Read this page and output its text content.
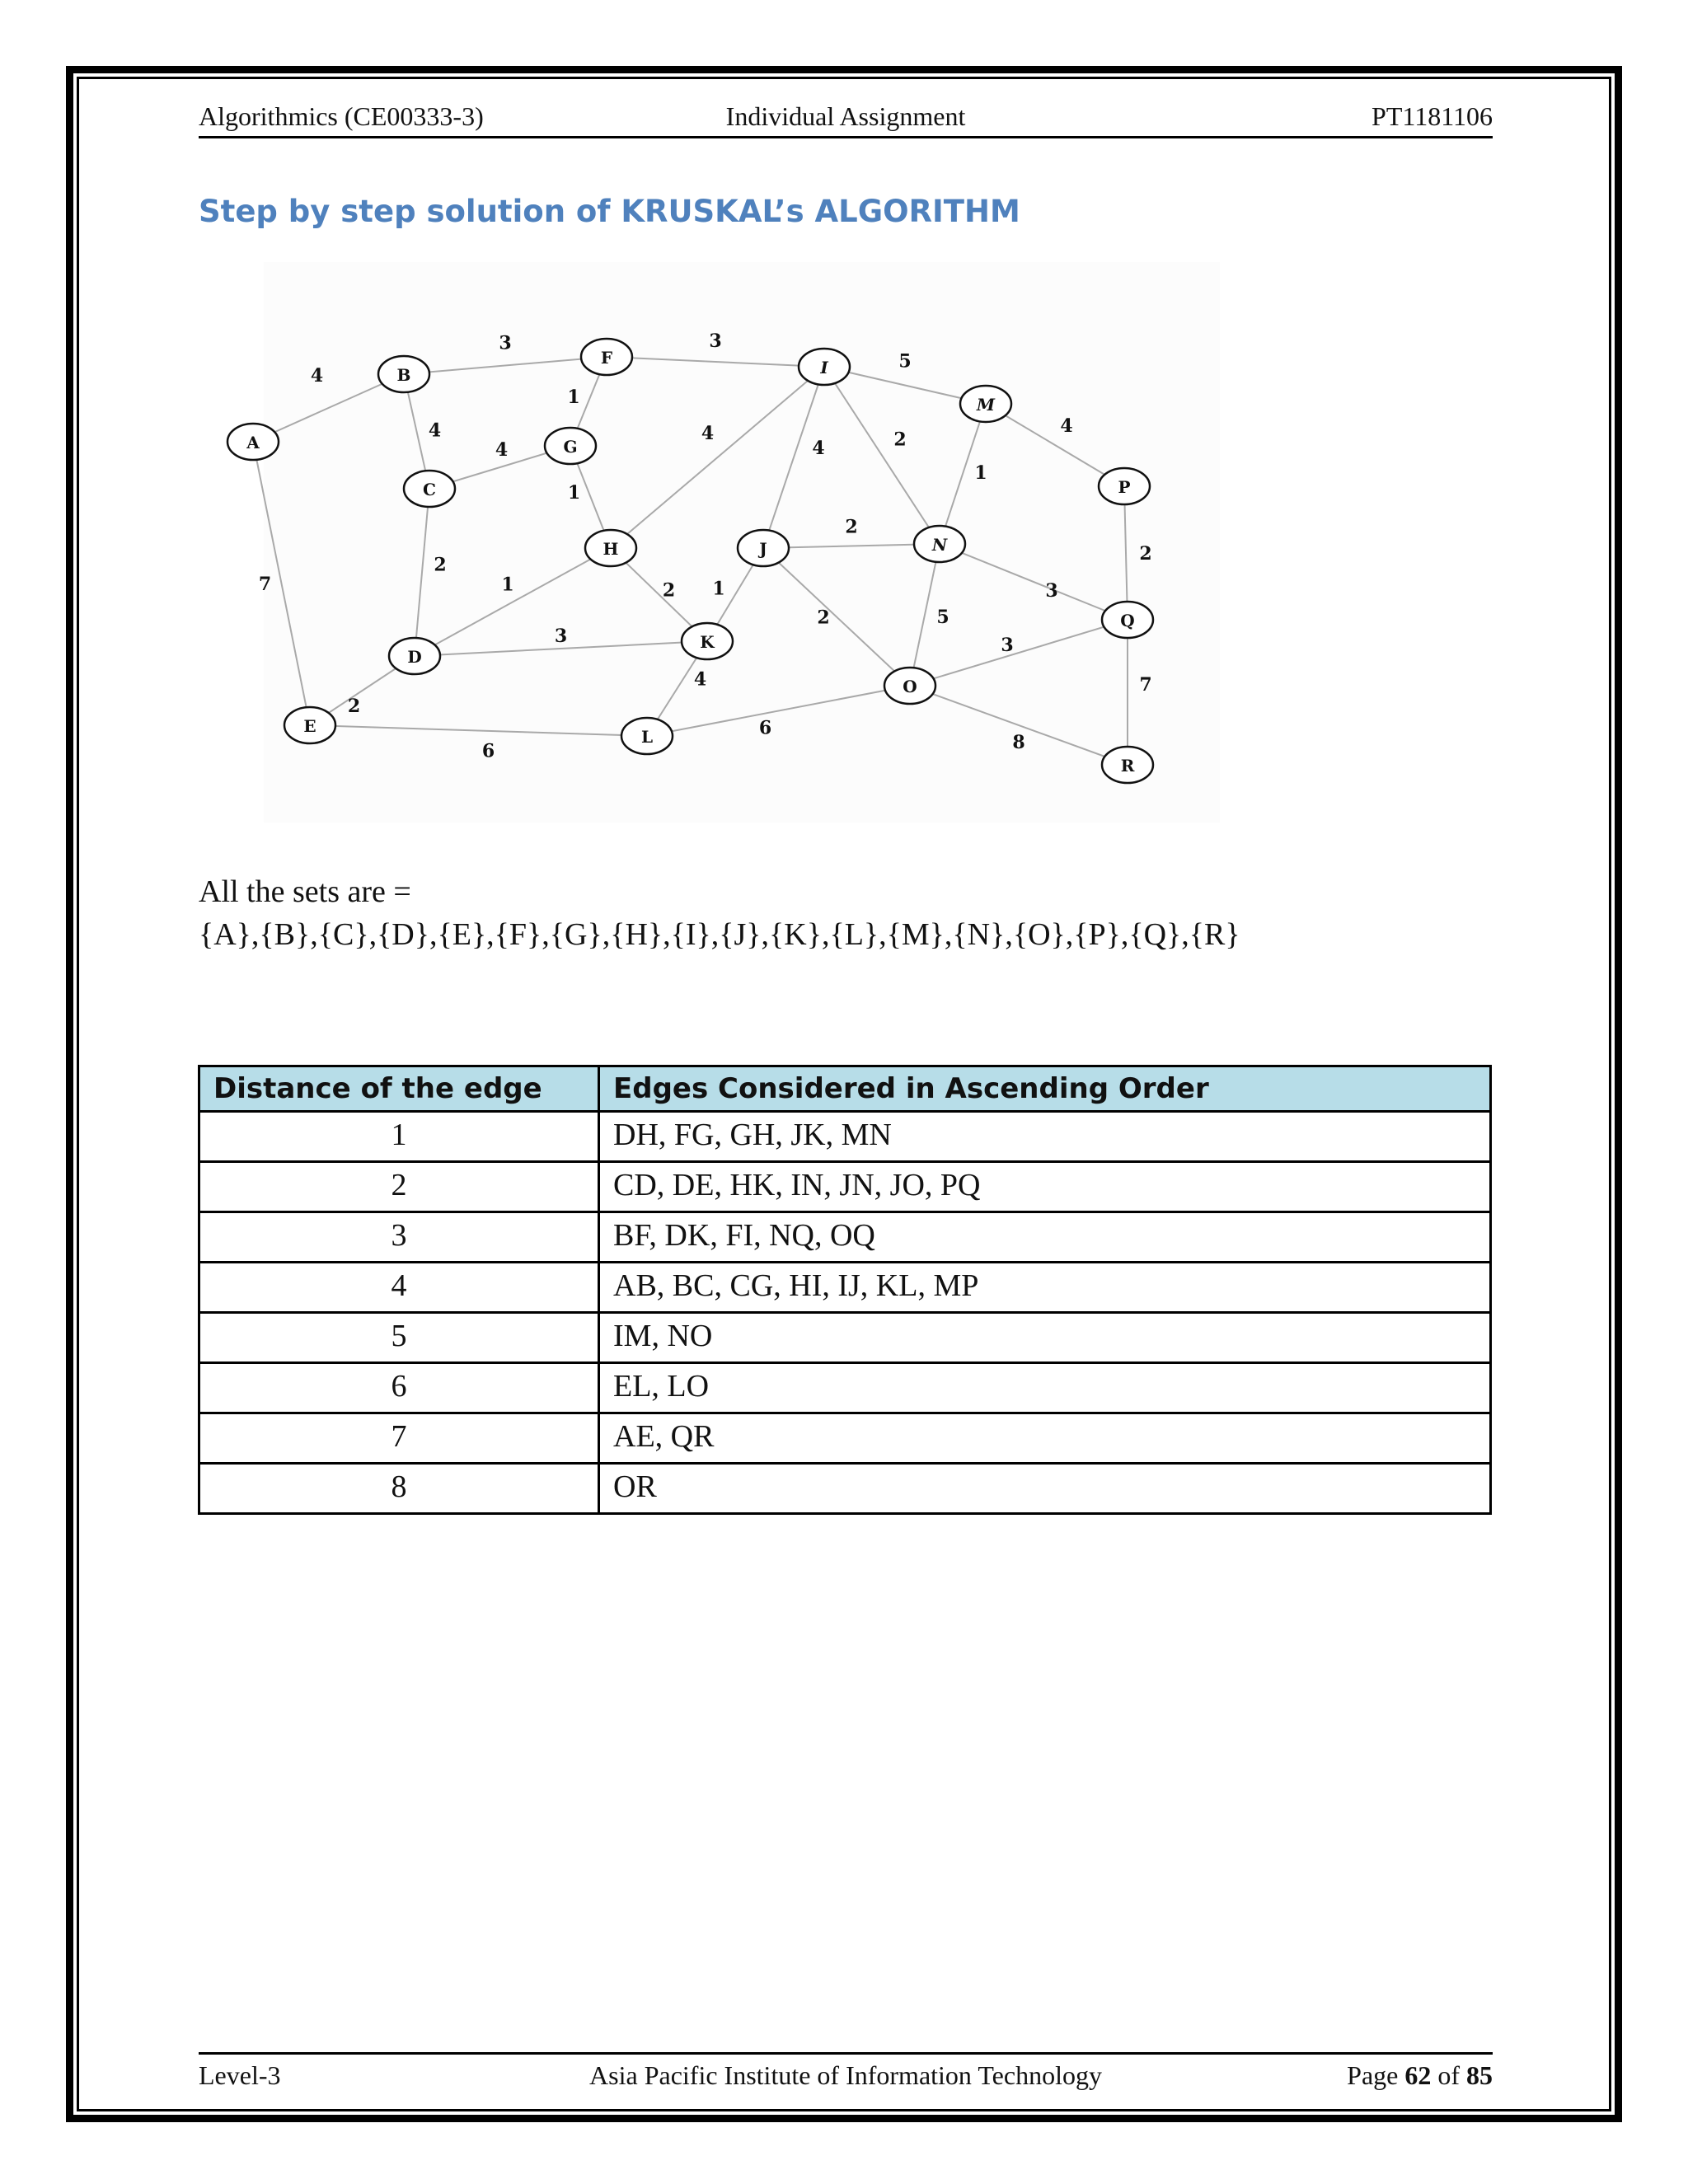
Algorithmics (CE00333-3)	Individual Assignment	PT1181106
Step by step solution of KRUSKAL’s ALGORITHM
4
7
3
4
3
1
4
2
1
5
4
4	2
4
1
2
2
3
5
1	2 1
2
3
2
4
3
7
6
6
8
A
B
C
D
E
F
G
H
I
J
K
L
M
N
O
P
Q
R
All the sets are =
{A},{B},{C},{D},{E},{F},{G},{H},{I},{J},{K},{L},{M},{N},{O},{P},{Q},{R}
Distance of the edge	Edges Considered in Ascending Order
1	DH, FG, GH, JK, MN
2	CD, DE, HK, IN, JN, JO, PQ
3	BF, DK, FI, NQ, OQ
4	AB, BC, CG, HI, IJ, KL, MP
5	IM, NO
6	EL, LO
7	AE, QR
8	OR
Level-3	Asia Pacific Institute of Information Technology	Page 62 of 85
